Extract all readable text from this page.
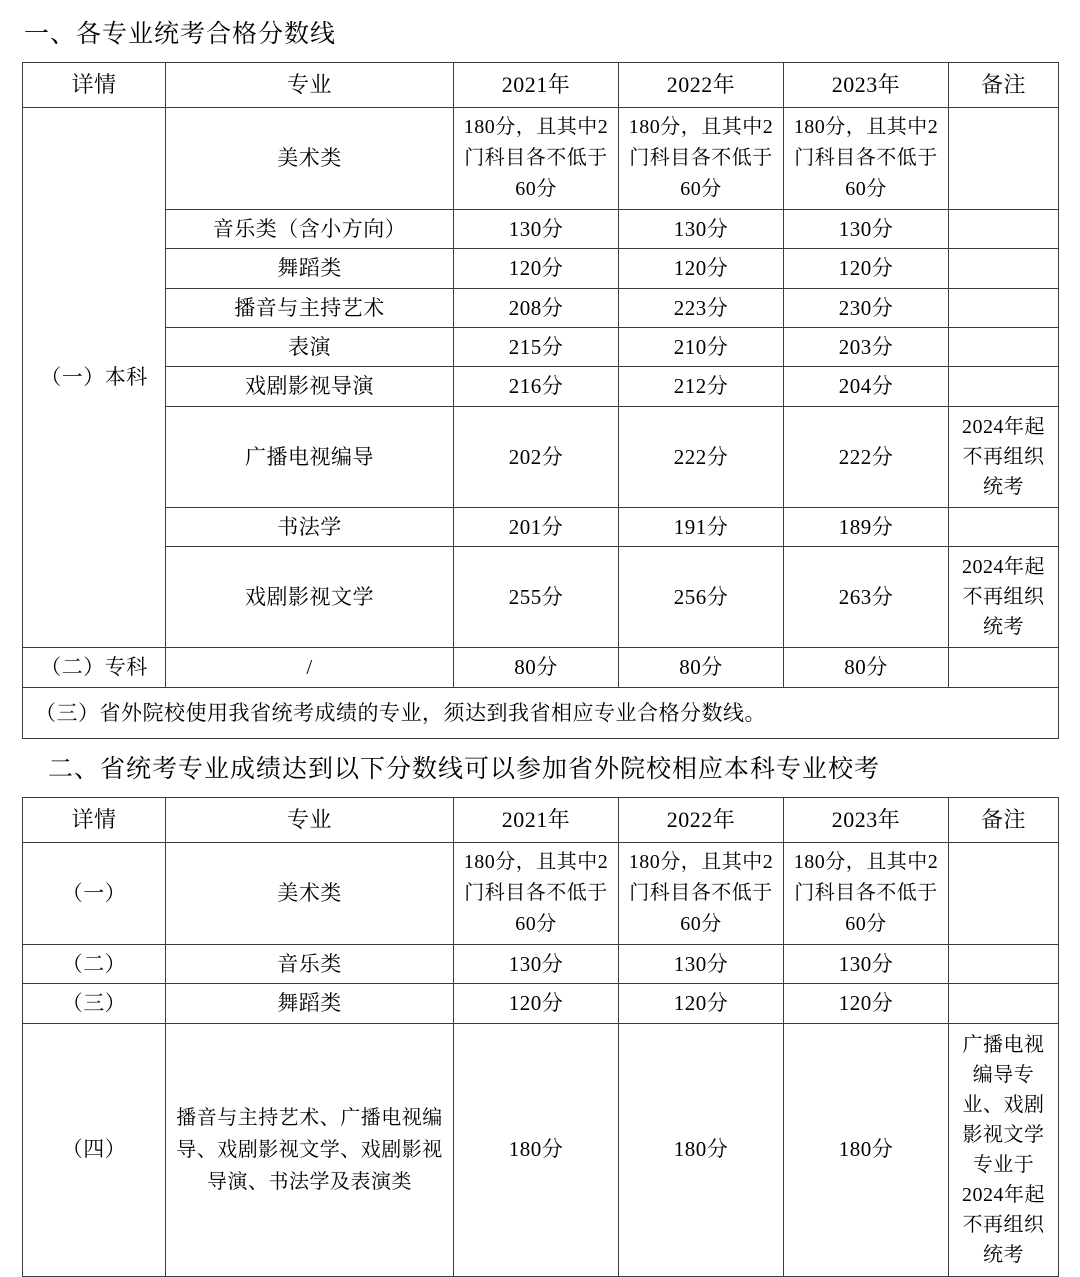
一、各专业统考合格分数线
详情	专业	2021年	2022年	2023年	备注
（一）本科	美术类	180分，且其中2门科目各不低于60分	180分，且其中2门科目各不低于60分	180分，且其中2门科目各不低于60分	
	音乐类（含小方向）	130分	130分	130分	
	舞蹈类	120分	120分	120分	
	播音与主持艺术	208分	223分	230分	
	表演	215分	210分	203分	
	戏剧影视导演	216分	212分	204分	
	广播电视编导	202分	222分	222分	2024年起不再组织统考
	书法学	201分	191分	189分	
	戏剧影视文学	255分	256分	263分	2024年起不再组织统考
（二）专科	/	80分	80分	80分	
（三）省外院校使用我省统考成绩的专业，须达到我省相应专业合格分数线。					
二、省统考专业成绩达到以下分数线可以参加省外院校相应本科专业校考
详情	专业	2021年	2022年	2023年	备注
（一）	美术类	180分，且其中2门科目各不低于60分	180分，且其中2门科目各不低于60分	180分，且其中2门科目各不低于60分	
（二）	音乐类	130分	130分	130分	
（三）	舞蹈类	120分	120分	120分	
（四）	播音与主持艺术、广播电视编导、戏剧影视文学、戏剧影视导演、书法学及表演类	180分	180分	180分	广播电视编导专业、戏剧影视文学专业于2024年起不再组织统考
